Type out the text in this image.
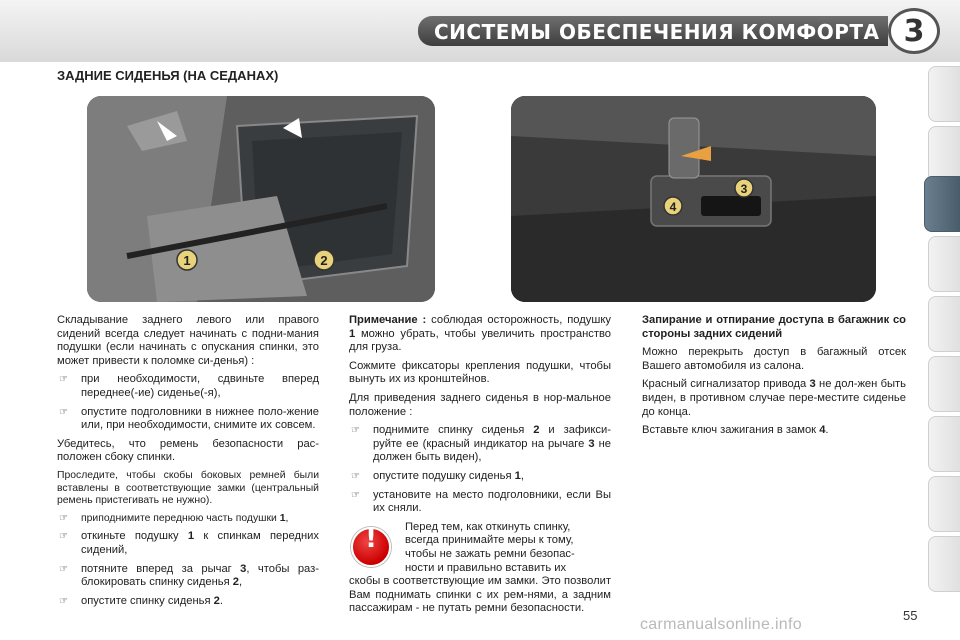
СИСТЕМЫ ОБЕСПЕЧЕНИЯ КОМФОРТА 3
ЗАДНИЕ СИДЕНЬЯ (НА СЕДАНАХ)
1	2
3
4

Складывание заднего левого или правого сидений всегда следует начинать с подни-мания подушки (если начинать с опускания спинки, это может привести к поломке си-денья) :

☞ при необходимости, сдвиньте вперед переднее(-ие) сиденье(-я),
☞ опустите подголовники в нижнее поло-жение или, при необходимости, снимите их совсем.

Убедитесь, что ремень безопасности рас-положен сбоку спинки.

Проследите, чтобы скобы боковых ремней были вставлены в соответствующие замки (центральный ремень пристегивать не нужно).

☞ приподнимите переднюю часть подушки 1,
☞ откиньте подушку 1 к спинкам передних сидений,
☞ потяните вперед за рычаг 3, чтобы раз-блокировать спинку сиденья 2,
☞ опустите спинку сиденья 2.

Примечание : соблюдая осторожность, подушку 1 можно убрать, чтобы увеличить пространство для груза.

Сожмите фиксаторы крепления подушки, чтобы вынуть их из кронштейнов.

Для приведения заднего сиденья в нор-мальное положение :

☞ поднимите спинку сиденья 2 и зафикси-руйте ее (красный индикатор на рычаге 3 не должен быть виден),
☞ опустите подушку сиденья 1,
☞ установите на место подголовники, если Вы их сняли.
!	Перед тем, как откинуть спинку,
всегда принимайте меры к тому,
чтобы не зажать ремни безопас-
ности и правильно вставить их
скобы в соответствующие им замки. Это позволит Вам поднимать спинки с их рем-нями, а задним пассажирам - не путать ремни безопасности.

Запирание и отпирание доступа в багажник со стороны задних сидений

Можно перекрыть доступ в багажный отсек Вашего автомобиля из салона.

Красный сигнализатор привода 3 не дол-жен быть виден, в противном случае пере-местите сиденье до конца.

Вставьте ключ зажигания в замок 4.

carmanualsonline.info
55
